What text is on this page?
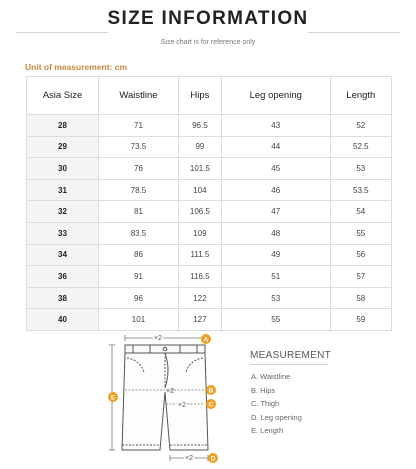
SIZE INFORMATION
Size chart is for reference only
Unit of measurement: cm
Asia Size	Waistline	Hips	Leg opening	Length
28	71	96.5	43	52
29	73.5	99	44	52.5
30	76	101.5	45	53
31	78.5	104	46	53.5
32	81	106.5	47	54
33	83.5	109	48	55
34	86	111.5	49	56
36	91	116.5	51	57
38	96	122	53	58
40	101	127	55	59
×2
×2
×2
×2
A
B
C
D
E
MEASUREMENT
A. Waistline
B. Hips
C. Thigh
D. Leg opening
E. Length
